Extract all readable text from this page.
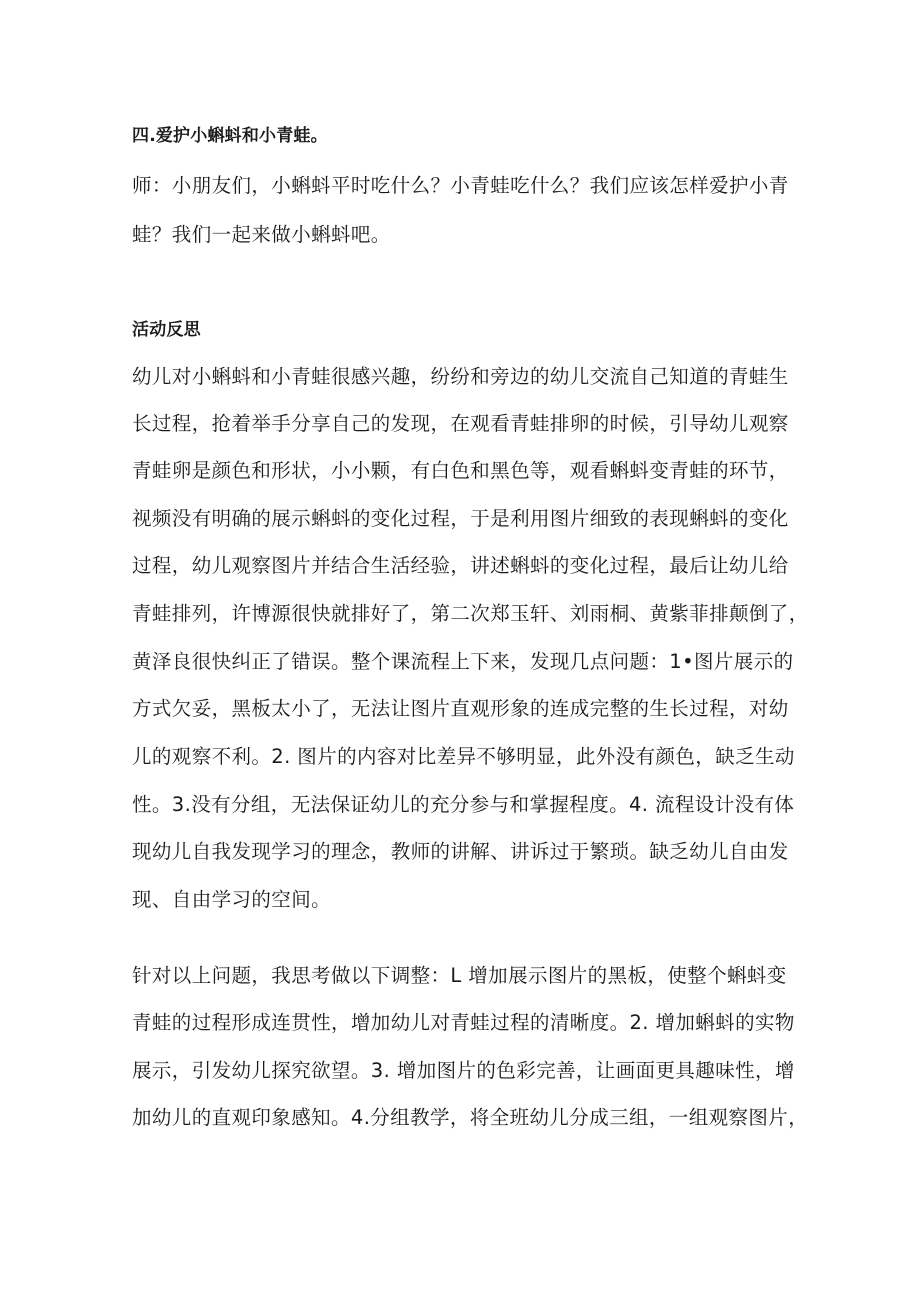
四.爱护小蝌蚪和小青蛙。
师：小朋友们，小蝌蚪平时吃什么？小青蛙吃什么？我们应该怎样爱护小青
蛙？我们一起来做小蝌蚪吧。
活动反思
幼儿对小蝌蚪和小青蛙很感兴趣，纷纷和旁边的幼儿交流自己知道的青蛙生
长过程，抢着举手分享自己的发现，在观看青蛙排卵的时候，引导幼儿观察
青蛙卵是颜色和形状，小小颗，有白色和黑色等，观看蝌蚪变青蛙的环节，
视频没有明确的展示蝌蚪的变化过程，于是利用图片细致的表现蝌蚪的变化
过程，幼儿观察图片并结合生活经验，讲述蝌蚪的变化过程，最后让幼儿给
青蛙排列，许博源很快就排好了，第二次郑玉轩、刘雨桐、黄紫菲排颠倒了，
黄泽良很快纠正了错误。整个课流程上下来，发现几点问题：1•图片展示的
方式欠妥，黑板太小了，无法让图片直观形象的连成完整的生长过程，对幼
儿的观察不利。2. 图片的内容对比差异不够明显，此外没有颜色，缺乏生动
性。3.没有分组，无法保证幼儿的充分参与和掌握程度。4. 流程设计没有体
现幼儿自我发现学习的理念，教师的讲解、讲诉过于繁琐。缺乏幼儿自由发
现、自由学习的空间。
针对以上问题，我思考做以下调整：L 增加展示图片的黑板，使整个蝌蚪变
青蛙的过程形成连贯性，增加幼儿对青蛙过程的清晰度。2. 增加蝌蚪的实物
展示，引发幼儿探究欲望。3. 增加图片的色彩完善，让画面更具趣味性，增
加幼儿的直观印象感知。4.分组教学，将全班幼儿分成三组，一组观察图片，
